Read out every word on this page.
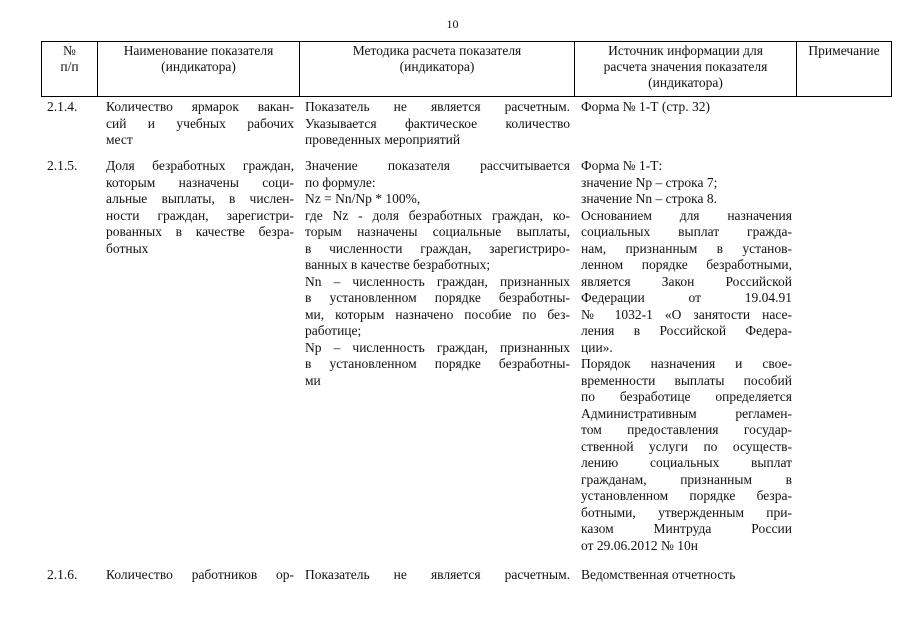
10
№
п/п
Наименование показателя
(индикатора)
Методика расчета показателя
(индикатора)
Источник информации для
расчета значения показателя
(индикатора)
Примечание
2.1.4. Количество ярмарок вакан-
сий и учебных рабочих
мест
Показатель не является расчетным.
Указывается фактическое количество
проведенных мероприятий
Форма № 1-Т (стр. 32)
2.1.5. Доля безработных граждан,
которым назначены соци-
альные выплаты, в числен-
ности граждан, зарегистри-
рованных в качестве безра-
ботных
Значение показателя рассчитывается
по формуле:
Nz = Nn/Np * 100%,
где Nz - доля безработных граждан, ко-
торым назначены социальные выплаты,
в численности граждан, зарегистриро-
ванных в качестве безработных;
Nn – численность граждан, признанных
в установленном порядке безработны-
ми, которым назначено пособие по без-
работице;
Np – численность граждан, признанных
в установленном порядке безработны-
ми
Форма № 1-Т:
значение Np – строка 7;
значение Nn – строка 8.
Основанием для назначения
социальных выплат гражда-
нам, признанным в установ-
ленном порядке безработными,
является Закон Российской
Федерации от 19.04.91
№ 1032-1 «О занятости насе-
ления в Российской Федера-
ции».
Порядок назначения и свое-
временности выплаты пособий
по безработице определяется
Административным регламен-
том предоставления государ-
ственной услуги по осуществ-
лению социальных выплат
гражданам, признанным в
установленном порядке безра-
ботными, утвержденным при-
казом Минтруда России
от 29.06.2012 № 10н
2.1.6. Количество работников ор- Показатель не является расчетным. Ведомственная отчетность
